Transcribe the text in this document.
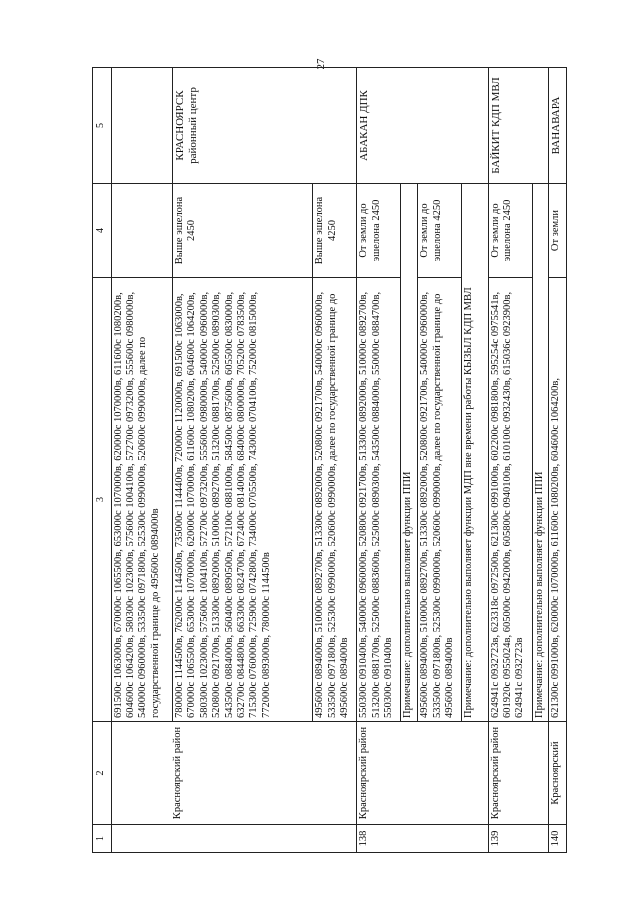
27
1	2	3	4	5
	Красноярский район	691500с 1063000в, 670000с 1065500в, 653000с 1070000в, 620000с 1070000в, 611600с 1080200в, 604600с 1064200в, 580300с 1023000в, 575600с 1004100в, 572700с 0973200в, 555600с 0980000в, 540000с 0960000в, 533500с 0971800в, 525300с 0990000в, 520600с 0990000в, далее по государственной границе до 495600с 0894000в		
		780000с 1144500в, 762000с 1144500в, 735000с 1144400в, 720000с 1120000в, 691500с 1063000в, 670000с 1065500в, 653000с 1070000в, 620000с 1070000в, 611600с 1080200в, 604600с 1064200в, 580300с 1023000в, 575600с 1004100в, 572700с 0973200в, 555600с 0980000в, 540000с 0960000в, 520800с 0921700в, 513300с 0892000в, 510000с 0892700в, 513200с 0881700в, 525000с 0890300в, 543500с 0884000в, 560400с 0890500в, 572100с 0881000в, 584500с 0875600в, 605500с 0830000в, 632700с 0844800в, 663300с 0824700в, 672400с 0814000в, 684000с 0800000в, 705200с 0783500в, 715300с 0760000в, 725900с 0742800в, 734000с 0705500в, 743000с 0704100в, 752000с 0815000в, 772000с 0893000в, 780000с 1144500в	Выше эшелона 2450	КРАСНОЯРСК районный центр
		495600с 0894000в, 510000с 0892700в, 513300с 0892000в, 520800с 0921700в, 540000с 0960000в, 533500с 0971800в, 525300с 0990000в, 520600с 0990000в, далее по государственной границе до 495600с 0894000в	Выше эшелона 4250	
138	Красноярский район	550300с 0910400в, 540000с 0960000в, 520800с 0921700в, 513300с 0892000в, 510000с 0892700в, 513200с 0881700в, 525000с 0883600в, 525000с 0890300в, 543500с 0884000в, 550000с 0884700в, 550300с 0910400в	От земли до эшелона 2450	АБАКАН ДПК
		Примечание: дополнительно выполняет функции ППИ		
		495600с 0894000в, 510000с 0892700в, 513300с 0892000в, 520800с 0921700в, 540000с 0960000в, 533500с 0971800в, 525300с 0990000в, 520600с 0990000в, далее по государственной границе до 495600с 0894000в	От земли до эшелона 4250	
		Примечание: дополнительно выполняет функции МДП вне времени работы КЫЗЫЛ КДП МВЛ		
139	Красноярский район	624941с 0932723в, 623318с 0972500в, 621300с 0991000в, 602200с 0981800в, 595254с 0975541в, 601920с 0955024в, 605000с 0942000в, 605800с 0940100в, 610100с 0932430в, 615036с 0923900в, 624941с 0932723в	От земли до эшелона 2450	БАЙКИТ КДП МВЛ
		Примечание: дополнительно выполняет функции ППИ		
140	Красноярский	621300с 0991000в, 620000с 1070000в, 611600с 1080200в, 604600с 1064200в,	От земли	ВАНАВАРА
